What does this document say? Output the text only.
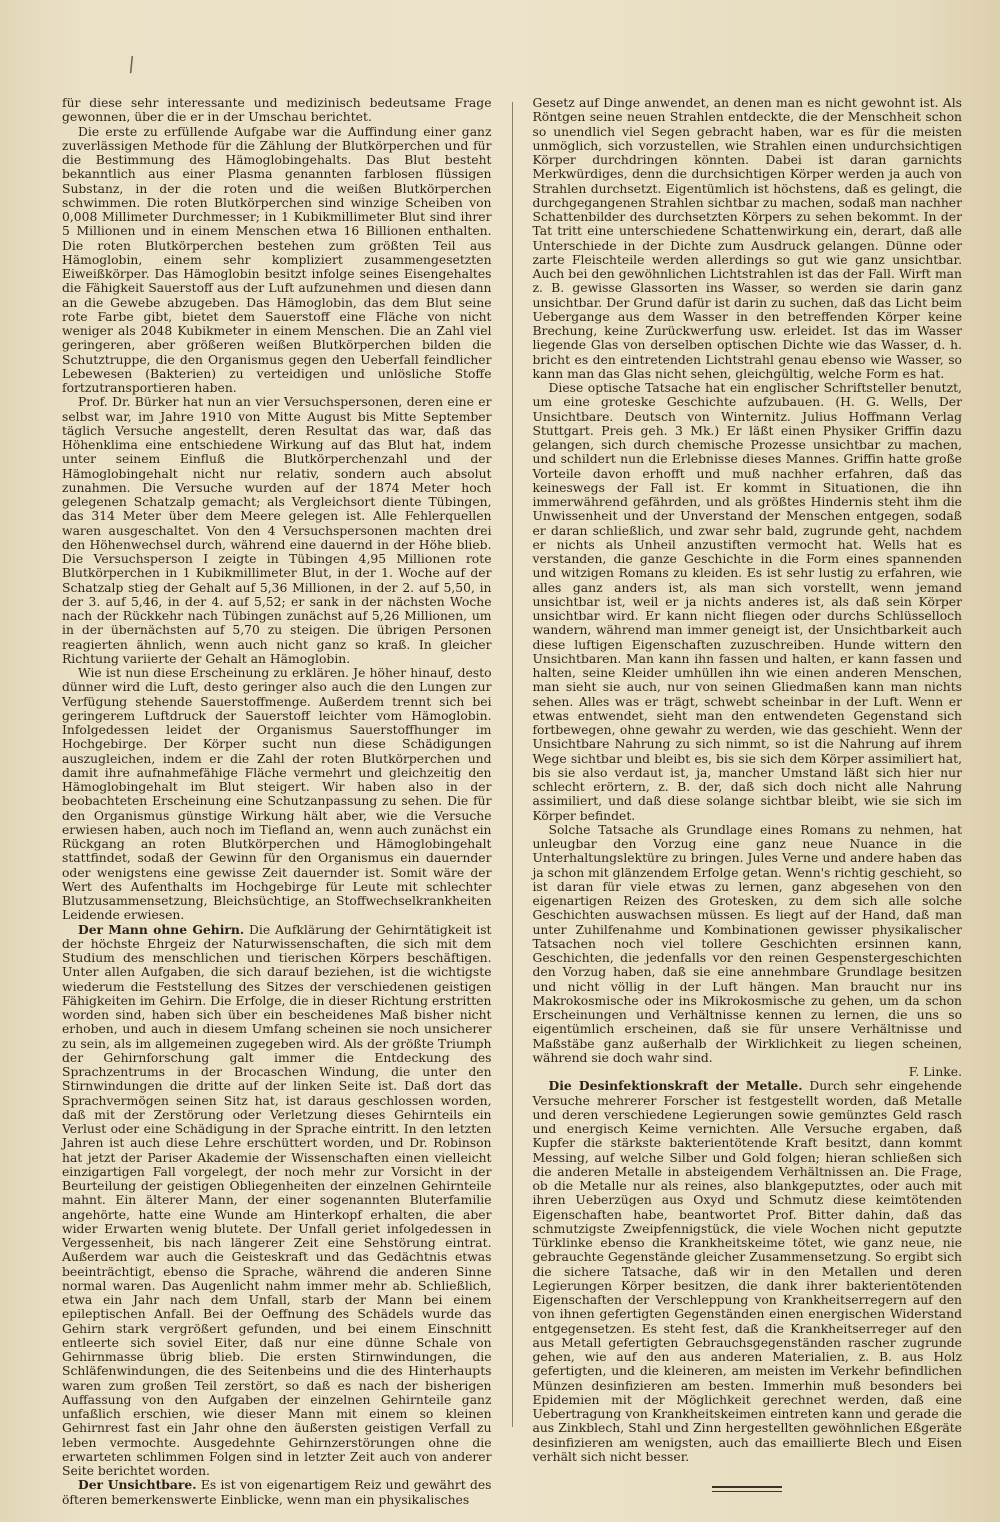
/

für diese sehr interessante und medizinisch bedeutsame Frage gewonnen, über die er in der Umschau berichtet.

Die erste zu erfüllende Aufgabe war die Auffindung einer ganz zuverlässigen Methode für die Zählung der Blutkörperchen und für die Bestimmung des Hämoglobingehalts. Das Blut besteht bekanntlich aus einer Plasma genannten farblosen flüssigen Substanz, in der die roten und die weißen Blutkörperchen schwimmen. Die roten Blutkörperchen sind winzige Scheiben von 0,008 Millimeter Durchmesser; in 1 Kubikmillimeter Blut sind ihrer 5 Millionen und in einem Menschen etwa 16 Billionen enthalten. Die roten Blutkörperchen bestehen zum größten Teil aus Hämoglobin, einem sehr kompliziert zusammengesetzten Eiweißkörper. Das Hämoglobin besitzt infolge seines Eisengehaltes die Fähigkeit Sauerstoff aus der Luft aufzunehmen und diesen dann an die Gewebe abzugeben. Das Hämoglobin, das dem Blut seine rote Farbe gibt, bietet dem Sauerstoff eine Fläche von nicht weniger als 2048 Kubikmeter in einem Menschen. Die an Zahl viel geringeren, aber größeren weißen Blutkörperchen bilden die Schutztruppe, die den Organismus gegen den Ueberfall feindlicher Lebewesen (Bakterien) zu verteidigen und unlösliche Stoffe fortzutransportieren haben.

Prof. Dr. Bürker hat nun an vier Versuchspersonen, deren eine er selbst war, im Jahre 1910 von Mitte August bis Mitte September täglich Versuche angestellt, deren Resultat das war, daß das Höhenklima eine entschiedene Wirkung auf das Blut hat, indem unter seinem Einfluß die Blutkörperchenzahl und der Hämoglobingehalt nicht nur relativ, sondern auch absolut zunahmen. Die Versuche wurden auf der 1874 Meter hoch gelegenen Schatzalp gemacht; als Vergleichsort diente Tübingen, das 314 Meter über dem Meere gelegen ist. Alle Fehlerquellen waren ausgeschaltet. Von den 4 Versuchspersonen machten drei den Höhenwechsel durch, während eine dauernd in der Höhe blieb. Die Versuchsperson I zeigte in Tübingen 4,95 Millionen rote Blutkörperchen in 1 Kubikmillimeter Blut, in der 1. Woche auf der Schatzalp stieg der Gehalt auf 5,36 Millionen, in der 2. auf 5,50, in der 3. auf 5,46, in der 4. auf 5,52; er sank in der nächsten Woche nach der Rückkehr nach Tübingen zunächst auf 5,26 Millionen, um in der übernächsten auf 5,70 zu steigen. Die übrigen Personen reagierten ähnlich, wenn auch nicht ganz so kraß. In gleicher Richtung variierte der Gehalt an Hämoglobin.

Wie ist nun diese Erscheinung zu erklären. Je höher hinauf, desto dünner wird die Luft, desto geringer also auch die den Lungen zur Verfügung stehende Sauerstoffmenge. Außerdem trennt sich bei geringerem Luftdruck der Sauerstoff leichter vom Hämoglobin. Infolgedessen leidet der Organismus Sauerstoffhunger im Hochgebirge. Der Körper sucht nun diese Schädigungen auszugleichen, indem er die Zahl der roten Blutkörperchen und damit ihre aufnahmefähige Fläche vermehrt und gleichzeitig den Hämoglobingehalt im Blut steigert. Wir haben also in der beobachteten Erscheinung eine Schutzanpassung zu sehen. Die für den Organismus günstige Wirkung hält aber, wie die Versuche erwiesen haben, auch noch im Tiefland an, wenn auch zunächst ein Rückgang an roten Blutkörperchen und Hämoglobingehalt stattfindet, sodaß der Gewinn für den Organismus ein dauernder oder wenigstens eine gewisse Zeit dauernder ist. Somit wäre der Wert des Aufenthalts im Hochgebirge für Leute mit schlechter Blutzusammensetzung, Bleichsüchtige, an Stoffwechselkrankheiten Leidende erwiesen.

Der Mann ohne Gehirn. Die Aufklärung der Gehirntätigkeit ist der höchste Ehrgeiz der Naturwissenschaften, die sich mit dem Studium des menschlichen und tierischen Körpers beschäftigen. Unter allen Aufgaben, die sich darauf beziehen, ist die wichtigste wiederum die Feststellung des Sitzes der verschiedenen geistigen Fähigkeiten im Gehirn. Die Erfolge, die in dieser Richtung erstritten worden sind, haben sich über ein bescheidenes Maß bisher nicht erhoben, und auch in diesem Umfang scheinen sie noch unsicherer zu sein, als im allgemeinen zugegeben wird. Als der größte Triumph der Gehirnforschung galt immer die Entdeckung des Sprachzentrums in der Brocaschen Windung, die unter den Stirnwindungen die dritte auf der linken Seite ist. Daß dort das Sprachvermögen seinen Sitz hat, ist daraus geschlossen worden, daß mit der Zerstörung oder Verletzung dieses Gehirnteils ein Verlust oder eine Schädigung in der Sprache eintritt. In den letzten Jahren ist auch diese Lehre erschüttert worden, und Dr. Robinson hat jetzt der Pariser Akademie der Wissenschaften einen vielleicht einzigartigen Fall vorgelegt, der noch mehr zur Vorsicht in der Beurteilung der geistigen Obliegenheiten der einzelnen Gehirnteile mahnt. Ein älterer Mann, der einer sogenannten Bluterfamilie angehörte, hatte eine Wunde am Hinterkopf erhalten, die aber wider Erwarten wenig blutete. Der Unfall geriet infolgedessen in Vergessenheit, bis nach längerer Zeit eine Sehstörung eintrat. Außerdem war auch die Geisteskraft und das Gedächtnis etwas beeinträchtigt, ebenso die Sprache, während die anderen Sinne normal waren. Das Augenlicht nahm immer mehr ab. Schließlich, etwa ein Jahr nach dem Unfall, starb der Mann bei einem epileptischen Anfall. Bei der Oeffnung des Schädels wurde das Gehirn stark vergrößert gefunden, und bei einem Einschnitt entleerte sich soviel Eiter, daß nur eine dünne Schale von Gehirnmasse übrig blieb. Die ersten Stirnwindungen, die Schläfenwindungen, die des Seitenbeins und die des Hinterhaupts waren zum großen Teil zerstört, so daß es nach der bisherigen Auffassung von den Aufgaben der einzelnen Gehirnteile ganz unfaßlich erschien, wie dieser Mann mit einem so kleinen Gehirnrest fast ein Jahr ohne den äußersten geistigen Verfall zu leben vermochte. Ausgedehnte Gehirnzerstörungen ohne die erwarteten schlimmen Folgen sind in letzter Zeit auch von anderer Seite berichtet worden.

Der Unsichtbare. Es ist von eigenartigem Reiz und gewährt des öfteren bemerkenswerte Einblicke, wenn man ein physikalisches

Gesetz auf Dinge anwendet, an denen man es nicht gewohnt ist. Als Röntgen seine neuen Strahlen entdeckte, die der Menschheit schon so unendlich viel Segen gebracht haben, war es für die meisten unmöglich, sich vorzustellen, wie Strahlen einen undurchsichtigen Körper durchdringen könnten. Dabei ist daran garnichts Merkwürdiges, denn die durchsichtigen Körper werden ja auch von Strahlen durchsetzt. Eigentümlich ist höchstens, daß es gelingt, die durchgegangenen Strahlen sichtbar zu machen, sodaß man nachher Schattenbilder des durchsetzten Körpers zu sehen bekommt. In der Tat tritt eine unterschiedene Schattenwirkung ein, derart, daß alle Unterschiede in der Dichte zum Ausdruck gelangen. Dünne oder zarte Fleischteile werden allerdings so gut wie ganz unsichtbar. Auch bei den gewöhnlichen Lichtstrahlen ist das der Fall. Wirft man z. B. gewisse Glassorten ins Wasser, so werden sie darin ganz unsichtbar. Der Grund dafür ist darin zu suchen, daß das Licht beim Uebergange aus dem Wasser in den betreffenden Körper keine Brechung, keine Zurückwerfung usw. erleidet. Ist das im Wasser liegende Glas von derselben optischen Dichte wie das Wasser, d. h. bricht es den eintretenden Lichtstrahl genau ebenso wie Wasser, so kann man das Glas nicht sehen, gleichgültig, welche Form es hat.

Diese optische Tatsache hat ein englischer Schriftsteller benutzt, um eine groteske Geschichte aufzubauen. (H. G. Wells, Der Unsichtbare. Deutsch von Winternitz. Julius Hoffmann Verlag Stuttgart. Preis geh. 3 Mk.) Er läßt einen Physiker Griffin dazu gelangen, sich durch chemische Prozesse unsichtbar zu machen, und schildert nun die Erlebnisse dieses Mannes. Griffin hatte große Vorteile davon erhofft und muß nachher erfahren, daß das keineswegs der Fall ist. Er kommt in Situationen, die ihn immerwährend gefährden, und als größtes Hindernis steht ihm die Unwissenheit und der Unverstand der Menschen entgegen, sodaß er daran schließlich, und zwar sehr bald, zugrunde geht, nachdem er nichts als Unheil anzustiften vermocht hat. Wells hat es verstanden, die ganze Geschichte in die Form eines spannenden und witzigen Romans zu kleiden. Es ist sehr lustig zu erfahren, wie alles ganz anders ist, als man sich vorstellt, wenn jemand unsichtbar ist, weil er ja nichts anderes ist, als daß sein Körper unsichtbar wird. Er kann nicht fliegen oder durchs Schlüsselloch wandern, während man immer geneigt ist, der Unsichtbarkeit auch diese luftigen Eigenschaften zuzuschreiben. Hunde wittern den Unsichtbaren. Man kann ihn fassen und halten, er kann fassen und halten, seine Kleider umhüllen ihn wie einen anderen Menschen, man sieht sie auch, nur von seinen Gliedmaßen kann man nichts sehen. Alles was er trägt, schwebt scheinbar in der Luft. Wenn er etwas entwendet, sieht man den entwendeten Gegenstand sich fortbewegen, ohne gewahr zu werden, wie das geschieht. Wenn der Unsichtbare Nahrung zu sich nimmt, so ist die Nahrung auf ihrem Wege sichtbar und bleibt es, bis sie sich dem Körper assimiliert hat, bis sie also verdaut ist, ja, mancher Umstand läßt sich hier nur schlecht erörtern, z. B. der, daß sich doch nicht alle Nahrung assimiliert, und daß diese solange sichtbar bleibt, wie sie sich im Körper befindet.

Solche Tatsache als Grundlage eines Romans zu nehmen, hat unleugbar den Vorzug eine ganz neue Nuance in die Unterhaltungslektüre zu bringen. Jules Verne und andere haben das ja schon mit glänzendem Erfolge getan. Wenn's richtig geschieht, so ist daran für viele etwas zu lernen, ganz abgesehen von den eigenartigen Reizen des Grotesken, zu dem sich alle solche Geschichten auswachsen müssen. Es liegt auf der Hand, daß man unter Zuhilfenahme und Kombinationen gewisser physikalischer Tatsachen noch viel tollere Geschichten ersinnen kann, Geschichten, die jedenfalls vor den reinen Gespenstergeschichten den Vorzug haben, daß sie eine annehmbare Grundlage besitzen und nicht völlig in der Luft hängen. Man braucht nur ins Makrokosmische oder ins Mikrokosmische zu gehen, um da schon Erscheinungen und Verhältnisse kennen zu lernen, die uns so eigentümlich erscheinen, daß sie für unsere Verhältnisse und Maßstäbe ganz außerhalb der Wirklichkeit zu liegen scheinen, während sie doch wahr sind.
F. Linke.

Die Desinfektionskraft der Metalle. Durch sehr eingehende Versuche mehrerer Forscher ist festgestellt worden, daß Metalle und deren verschiedene Legierungen sowie gemünztes Geld rasch und energisch Keime vernichten. Alle Versuche ergaben, daß Kupfer die stärkste bakterientötende Kraft besitzt, dann kommt Messing, auf welche Silber und Gold folgen; hieran schließen sich die anderen Metalle in absteigendem Verhältnissen an. Die Frage, ob die Metalle nur als reines, also blankgeputztes, oder auch mit ihren Ueberzügen aus Oxyd und Schmutz diese keimtötenden Eigenschaften habe, beantwortet Prof. Bitter dahin, daß das schmutzigste Zweipfennigstück, die viele Wochen nicht geputzte Türklinke ebenso die Krankheitskeime tötet, wie ganz neue, nie gebrauchte Gegenstände gleicher Zusammensetzung. So ergibt sich die sichere Tatsache, daß wir in den Metallen und deren Legierungen Körper besitzen, die dank ihrer bakterientötenden Eigenschaften der Verschleppung von Krankheitserregern auf den von ihnen gefertigten Gegenständen einen energischen Widerstand entgegensetzen. Es steht fest, daß die Krankheitserreger auf den aus Metall gefertigten Gebrauchsgegenständen rascher zugrunde gehen, wie auf den aus anderen Materialien, z. B. aus Holz gefertigten, und die kleineren, am meisten im Verkehr befindlichen Münzen desinfizieren am besten. Immerhin muß besonders bei Epidemien mit der Möglichkeit gerechnet werden, daß eine Uebertragung von Krankheitskeimen eintreten kann und gerade die aus Zinkblech, Stahl und Zinn hergestellten gewöhnlichen Eßgeräte desinfizieren am wenigsten, auch das emaillierte Blech und Eisen verhält sich nicht besser.
